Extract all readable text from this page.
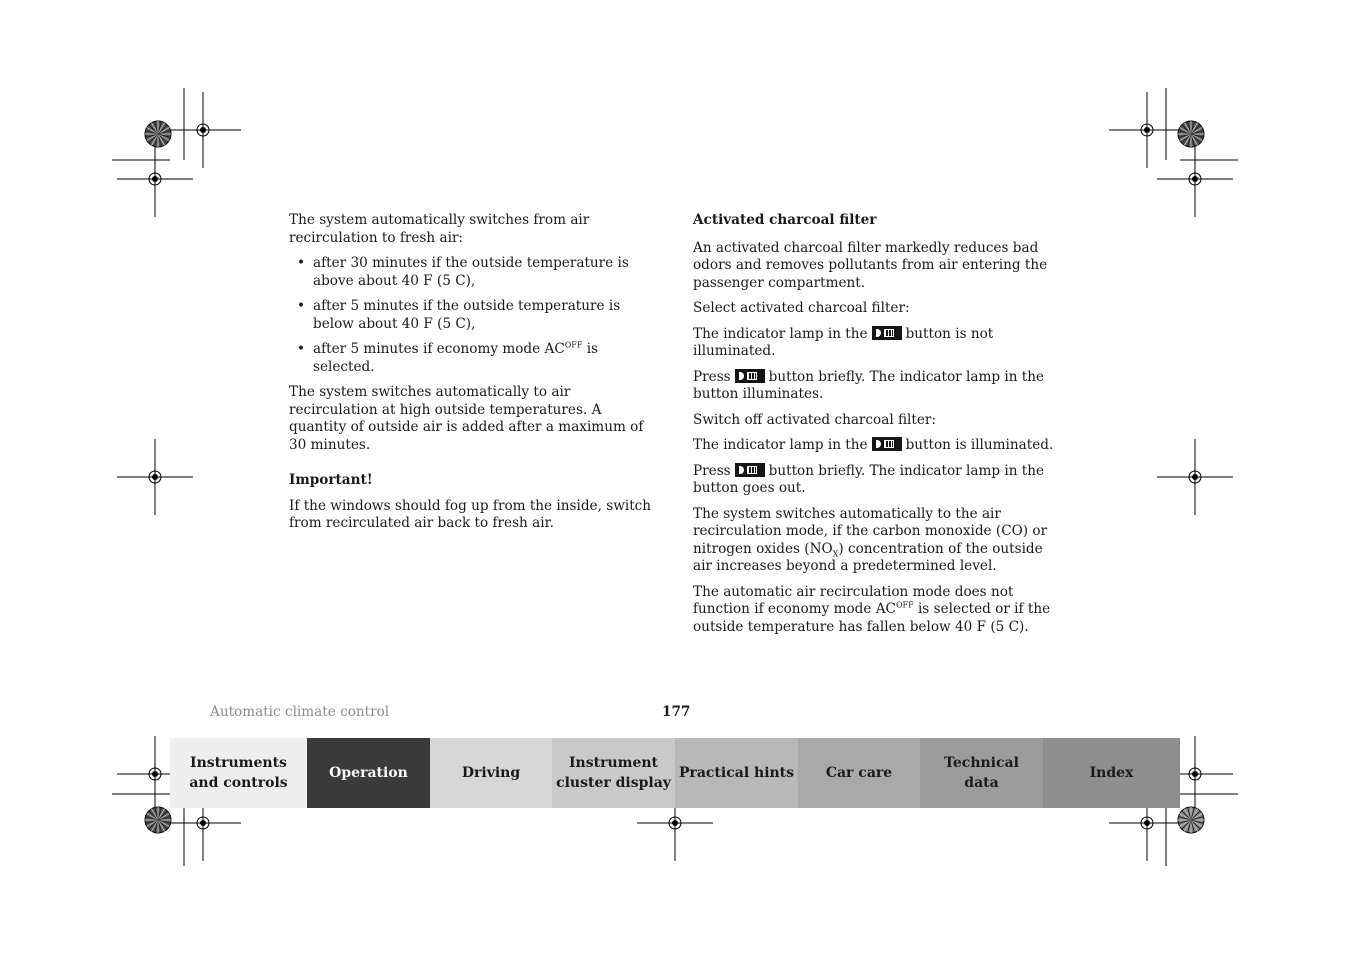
The system automatically switches from air recirculation to fresh air:

• after 30 minutes if the outside temperature is above about 40 F (5 C),
• after 5 minutes if the outside temperature is below about 40 F (5 C),
• after 5 minutes if economy mode $AC^{OFF}$ is selected.

The system switches automatically to air recirculation at high outside temperatures. A quantity of outside air is added after a maximum of 30 minutes.

Important!

If the windows should fog up from the inside, switch from recirculated air back to fresh air.

Activated charcoal filter

An activated charcoal filter markedly reduces bad odors and removes pollutants from air entering the passenger compartment.

Select activated charcoal filter:

The indicator lamp in the	button is not illuminated.

Press	button briefly. The indicator lamp in the button illuminates.

Switch off activated charcoal filter:

The indicator lamp in the	button is illuminated.

Press	button briefly. The indicator lamp in the button goes out.

The system switches automatically to the air recirculation mode, if the carbon monoxide (CO) or nitrogen oxides $(NO_X)$ concentration of the outside air increases beyond a predetermined level.

The automatic air recirculation mode does not function if economy mode $AC^{OFF}$ is selected or if the outside temperature has fallen below 40 F (5 C).

Automatic climate control	177
Instruments
and controls
Operation	Driving
Instrument
cluster display
Practical hints Car care
Technical
data
Index
